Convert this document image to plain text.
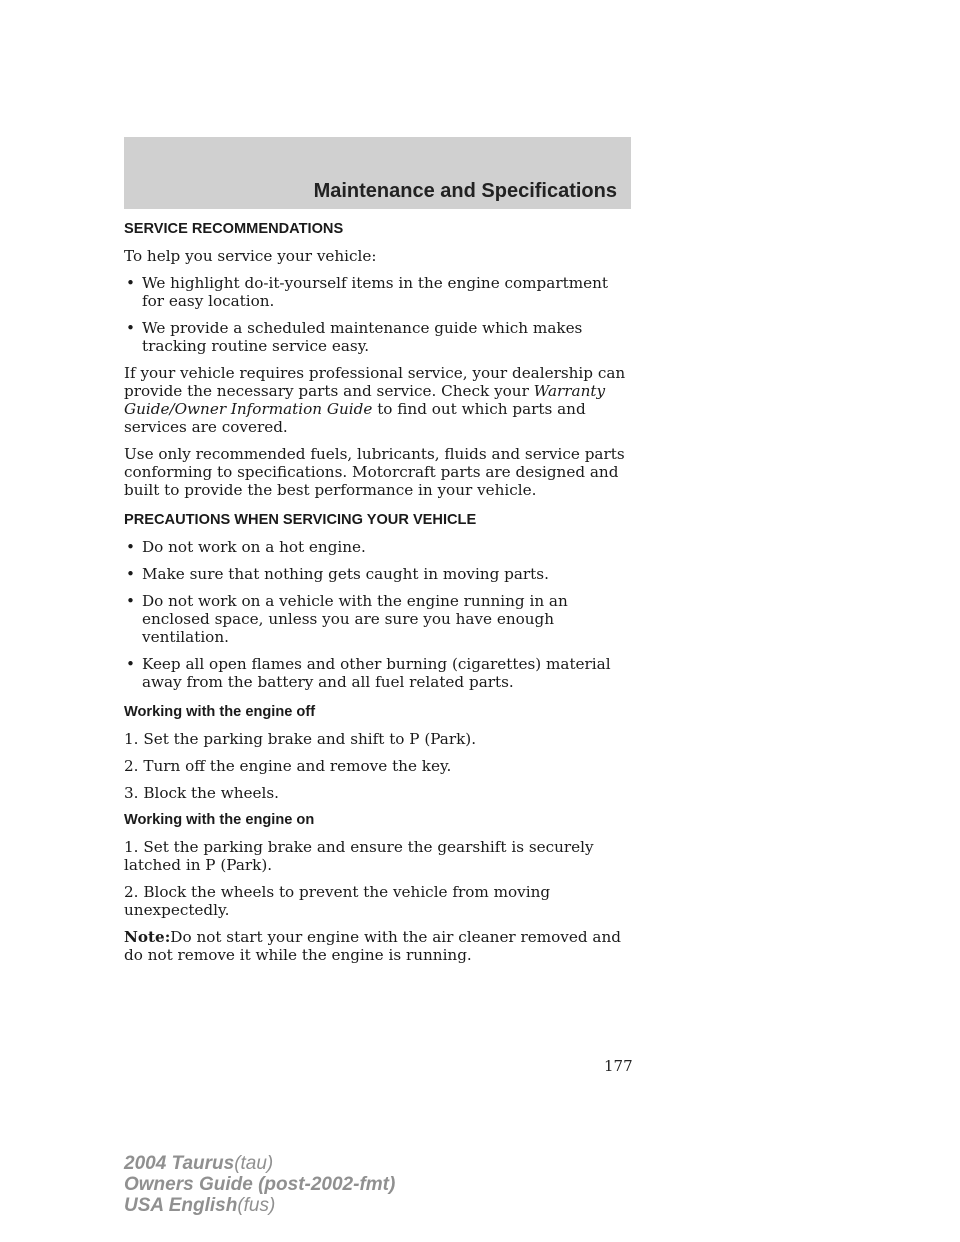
Maintenance and Specifications
SERVICE RECOMMENDATIONS
To help you service your vehicle:
• We highlight do-it-yourself items in the engine compartment for easy location.
• We provide a scheduled maintenance guide which makes tracking routine service easy.
If your vehicle requires professional service, your dealership can provide the necessary parts and service. Check your Warranty Guide/Owner Information Guide to find out which parts and services are covered.
Use only recommended fuels, lubricants, fluids and service parts conforming to specifications. Motorcraft parts are designed and built to provide the best performance in your vehicle.
PRECAUTIONS WHEN SERVICING YOUR VEHICLE
• Do not work on a hot engine.
• Make sure that nothing gets caught in moving parts.
• Do not work on a vehicle with the engine running in an enclosed space, unless you are sure you have enough ventilation.
• Keep all open flames and other burning (cigarettes) material away from the battery and all fuel related parts.
Working with the engine off
1. Set the parking brake and shift to P (Park).
2. Turn off the engine and remove the key.
3. Block the wheels.
Working with the engine on
1. Set the parking brake and ensure the gearshift is securely latched in P (Park).
2. Block the wheels to prevent the vehicle from moving unexpectedly.
Note:Do not start your engine with the air cleaner removed and do not remove it while the engine is running.
177
2004 Taurus(tau)
Owners Guide (post-2002-fmt)
USA English(fus)
